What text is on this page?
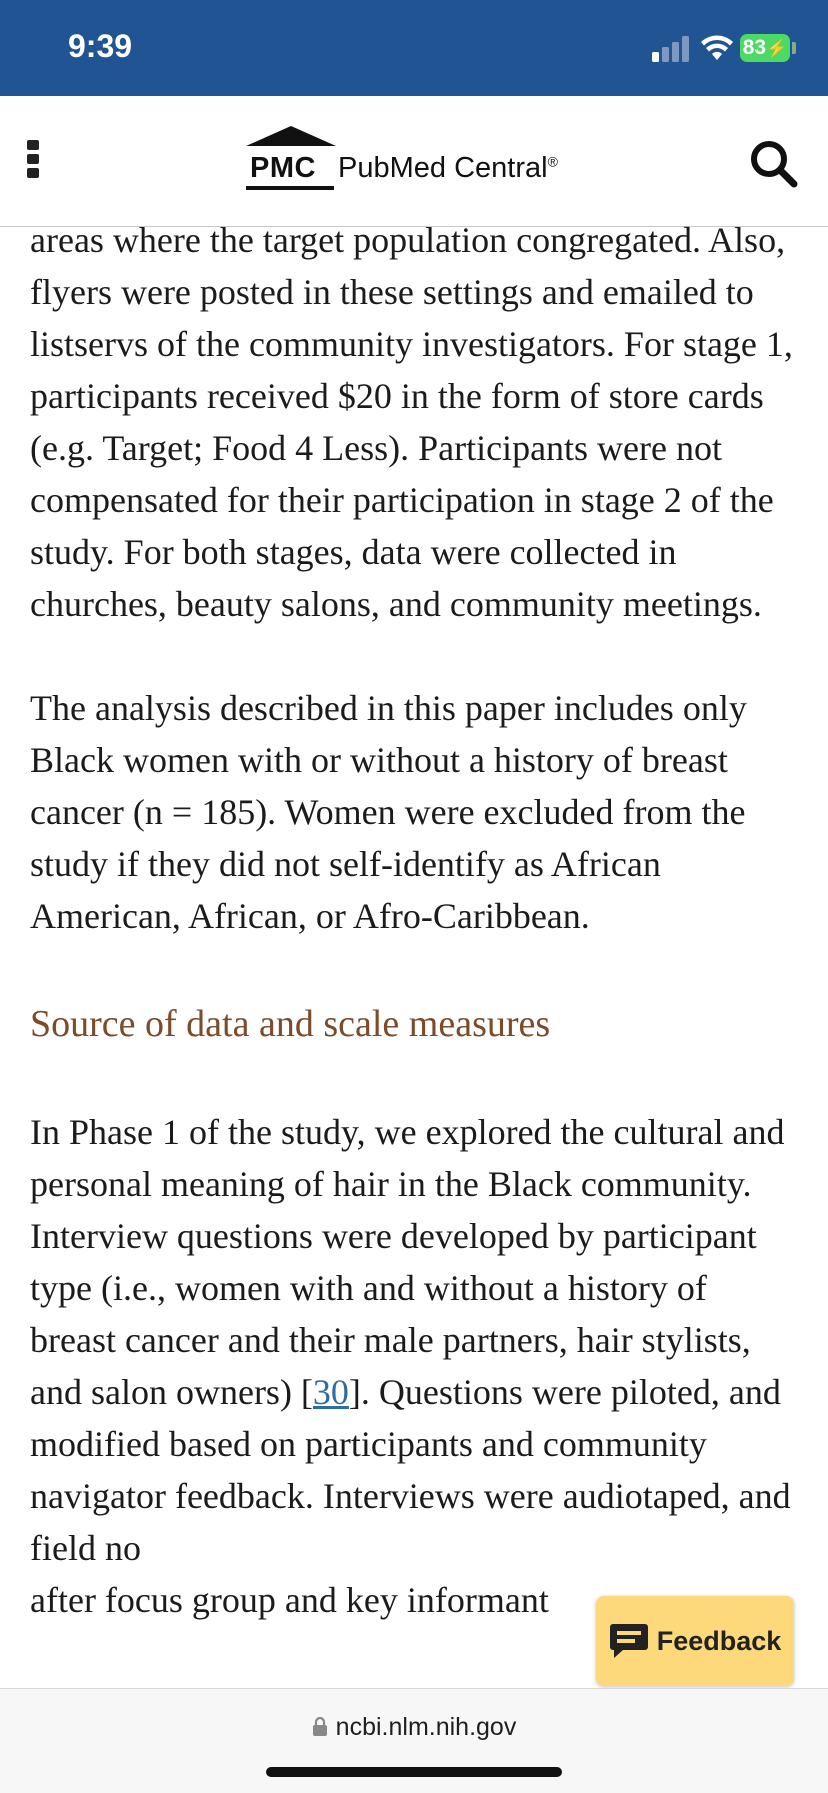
9:39	83⚡
PMC PubMed Central®

areas where the target population congregated. Also, flyers were posted in these settings and emailed to listservs of the community investigators. For stage 1, participants received $20 in the form of store cards (e.g. Target; Food 4 Less). Participants were not compensated for their participation in stage 2 of the study. For both stages, data were collected in churches, beauty salons, and community meetings.

The analysis described in this paper includes only Black women with or without a history of breast cancer (n = 185). Women were excluded from the study if they did not self-identify as African American, African, or Afro-Caribbean.

Source of data and scale measures

In Phase 1 of the study, we explored the cultural and personal meaning of hair in the Black community. Interview questions were developed by participant type (i.e., women with and without a history of breast cancer and their male partners, hair stylists, and salon owners) [30]. Questions were piloted, and modified based on participants and community navigator feedback. Interviews were audiotaped, and field no
after focus group and key informant

Feedback
ncbi.nlm.nih.gov
